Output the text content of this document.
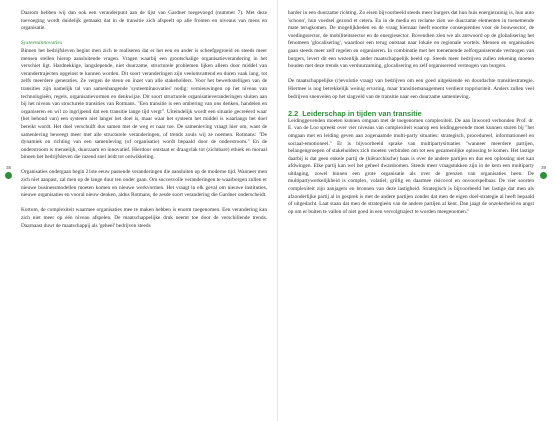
38	39

Daarom hebben wij dan ook een veranderpunt aan de lijst van Gardner toegevoegd (nummer 7). Met deze toevoeging wordt duidelijk gemaakt dat in de transitie zich afspeelt op alle fronten en niveaus van mens en organisatie.

Systeeminnovaties

Binnen het bedrijfsleven begint men zich te realiseren dat er het een en ander is scheefgegroeid en steeds meer mensen stellen hierop aansluitende vragen. Vragen waarbij een grootschalige organisatieverandering in het verschiet ligt. Hardnekkige, langslepende, niet duurzame, structurele problemen lijken alleen door middel van verandertrajecten opgelost te kunnen worden. Dit soort veranderingen zijn veelomvattend en duren vaak lang, tot zelfs meerdere generaties. Ze vergen de steun en inzet van alle stakeholders. Voor het bewerkstelligen van de transities zijn namelijk tal van samenhangende 'systeeminnovaties' nodig: vernieuwingen op het niveau van technologieën, regels, organisatievormen en denkwijze. Dit soort structurele organisatieveranderingen sluiten aan bij het niveau van structurele transities van Rotmans. "Een transitie is een ombering van ons denken, handelen en organiseren en wil zo ingrijpend dat een transitie lange tijd vergt". Uiteindelijk wordt een situatie gecreëerd waar (het behoud van) een systeem niet langer het doel is, maar waar het systeem het middel is waarlangs het doel bereikt wordt. Het doel verschuift dus samen met de weg er naar toe. De samenleving vraagt hier om, want de samenleving beweegt meer met alle structurele veranderingen, of trends zouls wij ze noemen. Rotmans: "De dynamiek en richting van een samenleving (of organisatie) wordt bepaald door de onderstroom." En de onderstroom is menselijk, duurzaam en innovatief. Hierdoor ontstaat er draagvlak tot (zichtbare) ethiek en moraal binnen het bedrijfsleven die razend snel leidt tot ontwikkeling.

Organisaties ondergaan begin 21ste eeuw passende veranderingen die aansluiten op de moderne tijd. Wanneer men zich niet aanpast, zal men op de lange duur ten onder gaan. Om succesvolle veranderingen te waarborgen zullen er nieuwe businessmodellen moeten komen en nieuwe werkvormen. Het vraagt in elk geval om nieuwe instituties, nieuwe organisaties en vooral nieuw denken, aldus Rotmans, de zesde soort verandering die Gardner onderscheidt.

Kortom, de complexiteit waarmee organisaties mee te maken hebben is enorm toegenomen. Een verandering kan zich niet meer op één niveau afspelen. De maatschappelijke druk neemt toe door de verschillende trends. Daarnaast duwt de maatschappij als 'geheel' bedrijven steeds

harder in een duurzame richting. Zo eisen bijvoorbeeld steeds meer burgers dat hun huis energiezuinig is, hun auto 'schoon', hun voedsel gezond et cetera. En in de media en reclame zien we duurzame elementen in toenemende mate terugkomen. De mogelijkheden en de vraag hiernaar heeft enorme consequenties voor de bouwsector, de voedingssector, de mobiliteitssector en de energiesector. Bovendien zien we als antwoord op de globalisering het fenomeen 'glocalisering', waardoor een terug ontstaat naar lokale en regionale wortels. Mensen en organisaties gaan steeds meer zelf regelen en organiseren. In combinatie met het toenemende zelforganiserende vermogen van burgers, levert dit een wezenlijk ander maatschappelijk beeld op. Steeds meer bedrijven zullen rekening moeten houden met deze trends van verduurzaming, glocalisering en zelf organiserend vermogen van burgers.

De maatschappelijke (r)evolutie vraagt van bedrijven om een goed uitgekiende en doordachte transitiestrategie. Hiermee is nog betrekkelijk weinig ervaring, maar transitiemanagement verdient topprioriteit. Anders zullen veel bedrijven sneuvelen op het slagveld van de transitie naar een duurzame samenleving.

2.2 Leiderschap in tijden van transitie

Leidinggevenden moeten kunnen omgaan met de toegenomen complexiteit. De aan Inwoord verbonden Prof. dr. E. van de Loo spreekt over vier niveaus van complexiteit waarop een leidinggevende moet kunnen sturen bij "het omgaan met en leiding geven aan zogenaamde multi-party situaties: strategisch, procedureel, informationeel en sociaal-emotioneel." Er is bijvoorbeeld sprake van multipartysituaties "wanneer meerdere partijen, belangengroepen of stakeholders zich moeten verbinden om tot een gezamenlijke oplossing te komen. Het lastige daarbij is dat geen enkele partij de (hiërarchische) baas is over de andere partijen en dus een oplossing niet kan afdwingen. Elke partij kan wel het geheel dwarsbomen. Steeds meer vraagstukken zijn in de kern een multiparty uitdaging, zowel binnen een grote organisatie als over de grenzen van organisaties heen. De multipartywerkelijkheid is complex, volatiel, grillig en daarmee risicovol en onvoorspelbaar. De vier soorten complexiteit zijn aanjagers en bronnen van deze lastigheid. Strategisch is bijvoorbeeld het lastige dat men als afzonderlijke partij al in gesprek is met de andere partijen zonder dat men de eigen doel-strategie al heeft bepaald of uitgedacht. Laat staan dat men de strategieën van de andere partijen al kent. Dan jaagt de onzekerheid en angst op om er buiten te vallen of niet goed in een vervolgtraject te worden meegenomen."
